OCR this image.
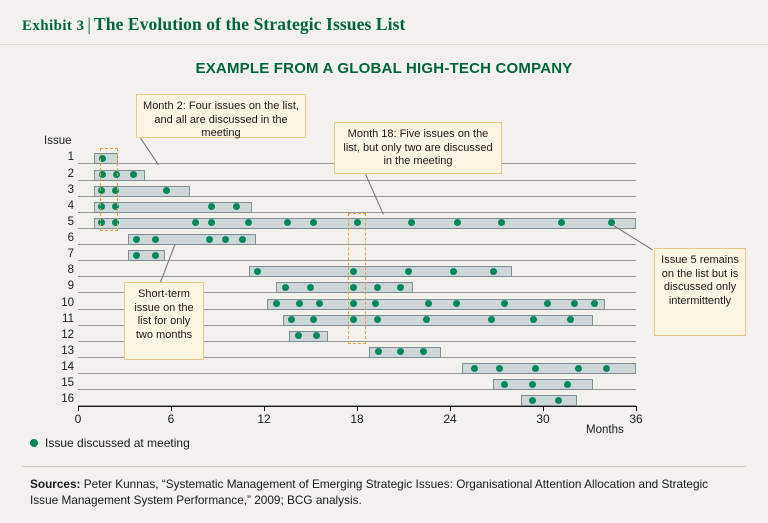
Exhibit 3 | The Evolution of the Strategic Issues List
EXAMPLE FROM A GLOBAL HIGH-TECH COMPANY
Issue
1
2
3
4
5
6
7
8
9
10
11
12
13
14
15
16
Months
Month 2: Four issues on the list, and all are discussed in the meeting	Month 18: Five issues on the list, but only two are discussed in the meeting
Short-term issue on the list for only two months
Issue 5 remains on the list but is discussed only intermittently
Issue discussed at meeting
Sources: Peter Kunnas, “Systematic Management of Emerging Strategic Issues: Organisational Attention Allocation and Strategic Issue Management System Performance,” 2009; BCG analysis.
0	6	12	18	24	30	36
